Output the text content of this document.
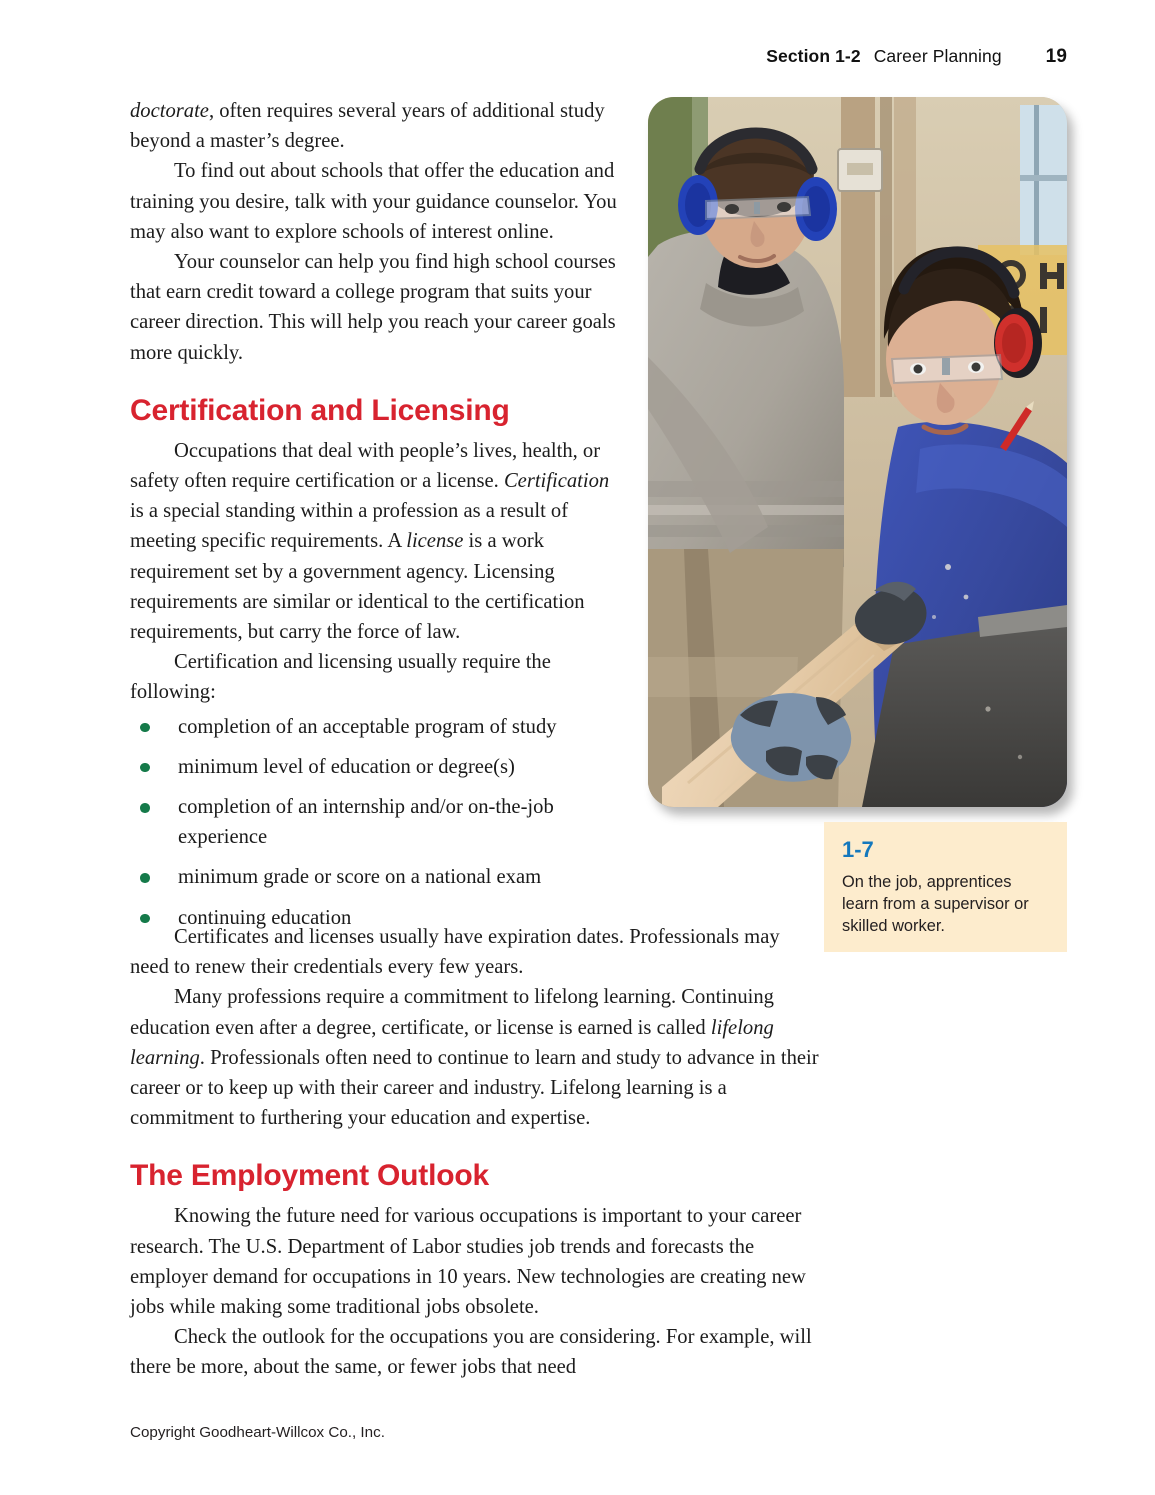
Section 1-2 Career Planning 19
1-7
On the job, apprentices learn from a supervisor or skilled worker.

doctorate, often requires several years of additional study beyond a master’s degree.

To find out about schools that offer the education and training you desire, talk with your guidance counselor. You may also want to explore schools of interest online.

Your counselor can help you find high school courses that earn credit toward a college program that suits your career direction. This will help you reach your career goals more quickly.

Certification and Licensing

Occupations that deal with people’s lives, health, or safety often require certification or a license. Certification is a special standing within a profession as a result of meeting specific requirements. A license is a work requirement set by a government agency. Licensing requirements are similar or identical to the certification requirements, but carry the force of law.

Certification and licensing usually require the following:

completion of an acceptable program of study
minimum level of education or degree(s)
completion of an internship and/or on-the-job experience
minimum grade or score on a national exam
continuing education

Certificates and licenses usually have expiration dates. Professionals may need to renew their credentials every few years.

Many professions require a commitment to lifelong learning. Continuing education even after a degree, certificate, or license is earned is called lifelong learning. Professionals often need to continue to learn and study to advance in their career or to keep up with their career and industry. Lifelong learning is a commitment to furthering your education and expertise.

The Employment Outlook

Knowing the future need for various occupations is important to your career research. The U.S. Department of Labor studies job trends and forecasts the employer demand for occupations in 10 years. New technologies are creating new jobs while making some traditional jobs obsolete.

Check the outlook for the occupations you are considering. For example, will there be more, about the same, or fewer jobs that need

Copyright Goodheart-Willcox Co., Inc.
